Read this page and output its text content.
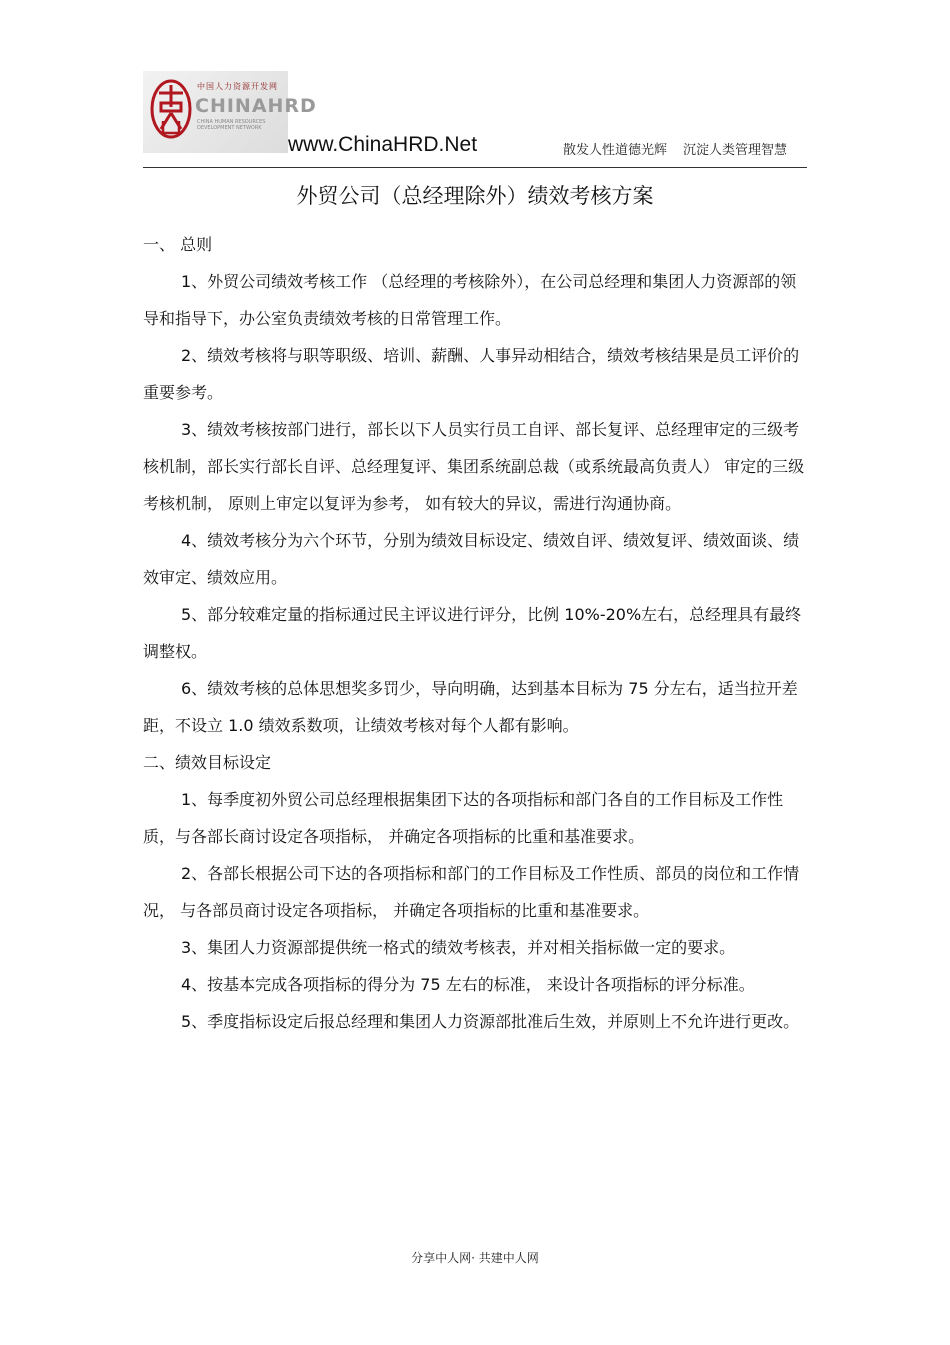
中国人力资源开发网
CHINAHRD
CHINA HUMAN RESOURCES DEVELOPMENT NETWORK
www.ChinaHRD.Net	散发人性道德光辉 沉淀人类管理智慧
外贸公司（总经理除外）绩效考核方案
一、 总则

1、外贸公司绩效考核工作 （总经理的考核除外），在公司总经理和集团人力资源部的领导和指导下，办公室负责绩效考核的日常管理工作。

2、绩效考核将与职等职级、培训、薪酬、人事异动相结合，绩效考核结果是员工评价的重要参考。

3、绩效考核按部门进行，部长以下人员实行员工自评、部长复评、总经理审定的三级考核机制，部长实行部长自评、总经理复评、集团系统副总裁（或系统最高负责人） 审定的三级考核机制， 原则上审定以复评为参考， 如有较大的异议，需进行沟通协商。

4、绩效考核分为六个环节，分别为绩效目标设定、绩效自评、绩效复评、绩效面谈、绩效审定、绩效应用。

5、部分较难定量的指标通过民主评议进行评分，比例 10%-20%左右，总经理具有最终调整权。

6、绩效考核的总体思想奖多罚少，导向明确，达到基本目标为 75 分左右，适当拉开差距，不设立 1.0 绩效系数项，让绩效考核对每个人都有影响。

二、绩效目标设定

1、每季度初外贸公司总经理根据集团下达的各项指标和部门各自的工作目标及工作性质，与各部长商讨设定各项指标， 并确定各项指标的比重和基准要求。

2、各部长根据公司下达的各项指标和部门的工作目标及工作性质、部员的岗位和工作情况， 与各部员商讨设定各项指标， 并确定各项指标的比重和基准要求。

3、集团人力资源部提供统一格式的绩效考核表，并对相关指标做一定的要求。

4、按基本完成各项指标的得分为 75 左右的标准， 来设计各项指标的评分标准。

5、季度指标设定后报总经理和集团人力资源部批准后生效，并原则上不允许进行更改。

分享中人网· 共建中人网
